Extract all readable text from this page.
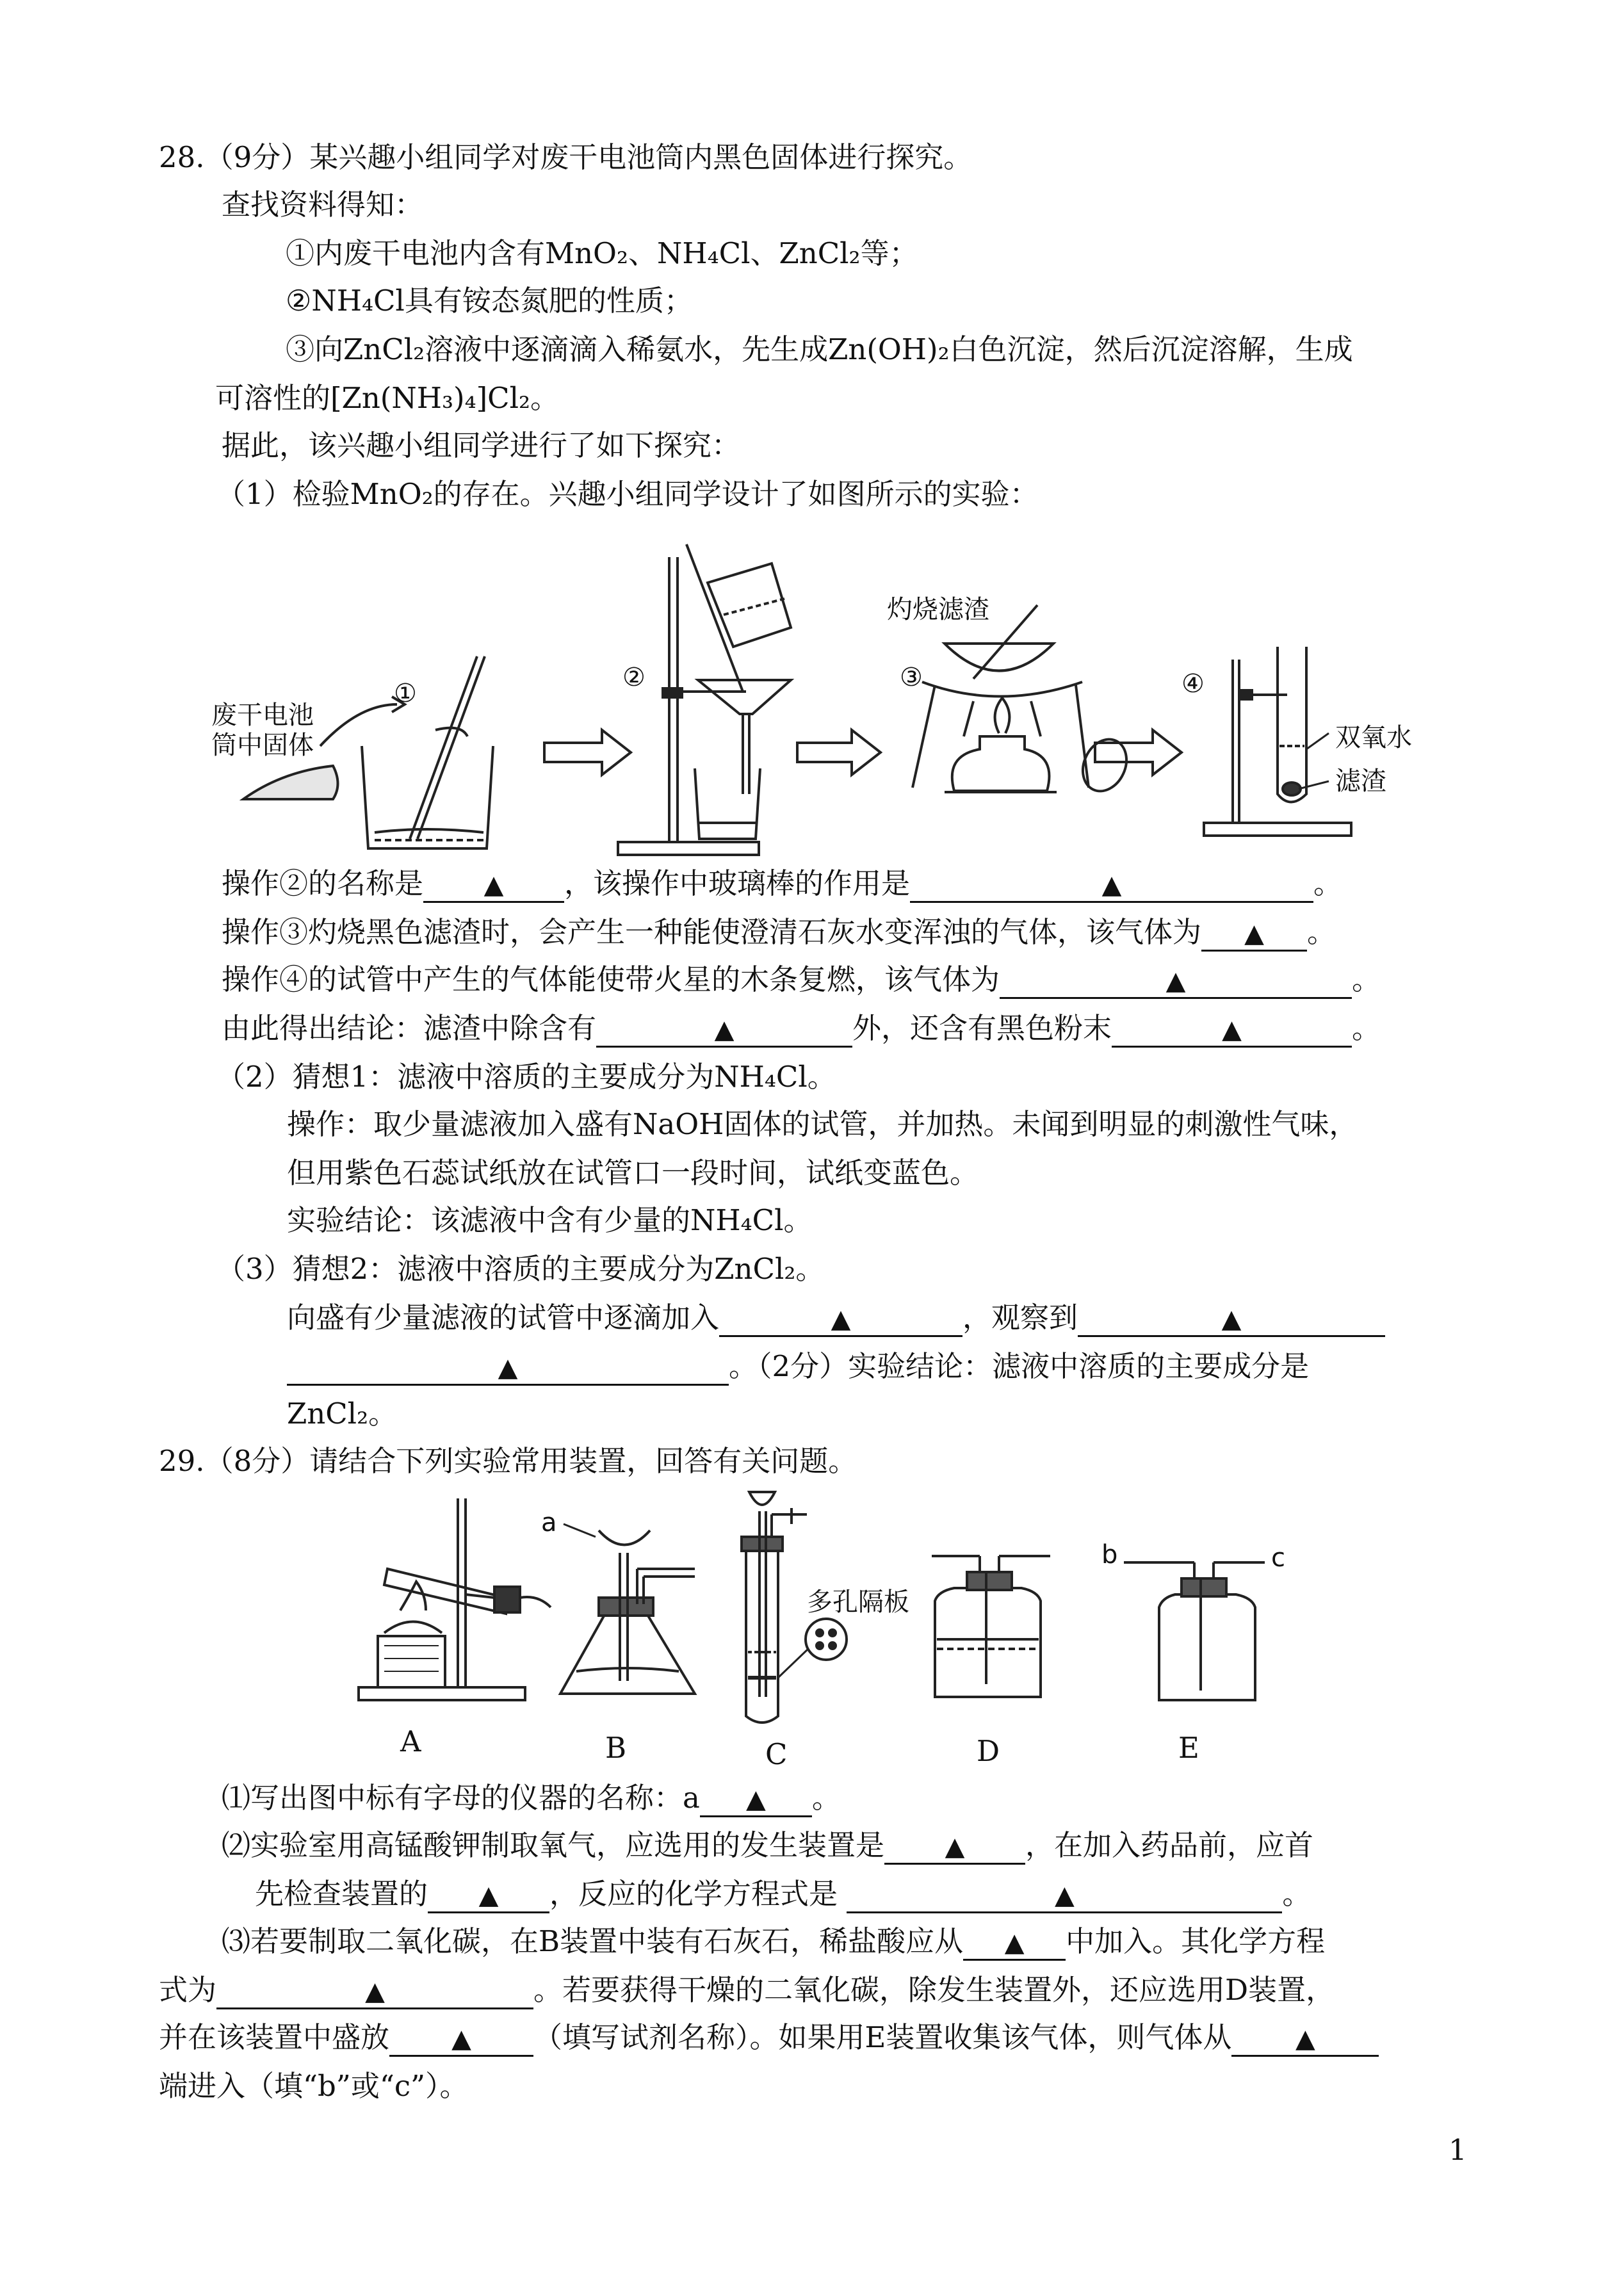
28.（9分）某兴趣小组同学对废干电池筒内黑色固体进行探究。
查找资料得知：
①内废干电池内含有MnO₂、NH₄Cl、ZnCl₂等；
②NH₄Cl具有铵态氮肥的性质；
③向ZnCl₂溶液中逐滴滴入稀氨水，先生成Zn(OH)₂白色沉淀，然后沉淀溶解，生成
可溶性的[Zn(NH₃)₄]Cl₂。
据此，该兴趣小组同学进行了如下探究：
（1）检验MnO₂的存在。兴趣小组同学设计了如图所示的实验：
①
②	③	④
废干电池
筒中固体
灼烧滤渣
双氧水
滤渣
操作②的名称是 ▲ ，该操作中玻璃棒的作用是	▲	。
操作③灼烧黑色滤渣时，会产生一种能使澄清石灰水变浑浊的气体，该气体为 ▲ 。
操作④的试管中产生的气体能使带火星的木条复燃，该气体为	▲	。
由此得出结论：滤渣中除含有	▲	外，还含有黑色粉末	▲	。
（2）猜想1：滤液中溶质的主要成分为NH₄Cl。
操作：取少量滤液加入盛有NaOH固体的试管，并加热。未闻到明显的刺激性气味，
但用紫色石蕊试纸放在试管口一段时间，试纸变蓝色。
实验结论：该滤液中含有少量的NH₄Cl。
（3）猜想2：滤液中溶质的主要成分为ZnCl₂。
向盛有少量滤液的试管中逐滴加入	▲	，观察到	▲
▲	。（2分）实验结论：滤液中溶质的主要成分是
ZnCl₂。
29.（8分）请结合下列实验常用装置，回答有关问题。
a
b	c
多孔隔板
A	B	C	D	E
⑴写出图中标有字母的仪器的名称：a ▲ 。
⑵实验室用高锰酸钾制取氧气，应选用的发生装置是 ▲ ，在加入药品前，应首
先检查装置的 ▲ ，反应的化学方程式是	▲	。
⑶若要制取二氧化碳，在B装置中装有石灰石，稀盐酸应从 ▲ 中加入。其化学方程
式为	▲	。若要获得干燥的二氧化碳，除发生装置外，还应选用D装置，
并在该装置中盛放 ▲ （填写试剂名称）。如果用E装置收集该气体，则气体从 ▲
端进入（填“b”或“c”）。
1
